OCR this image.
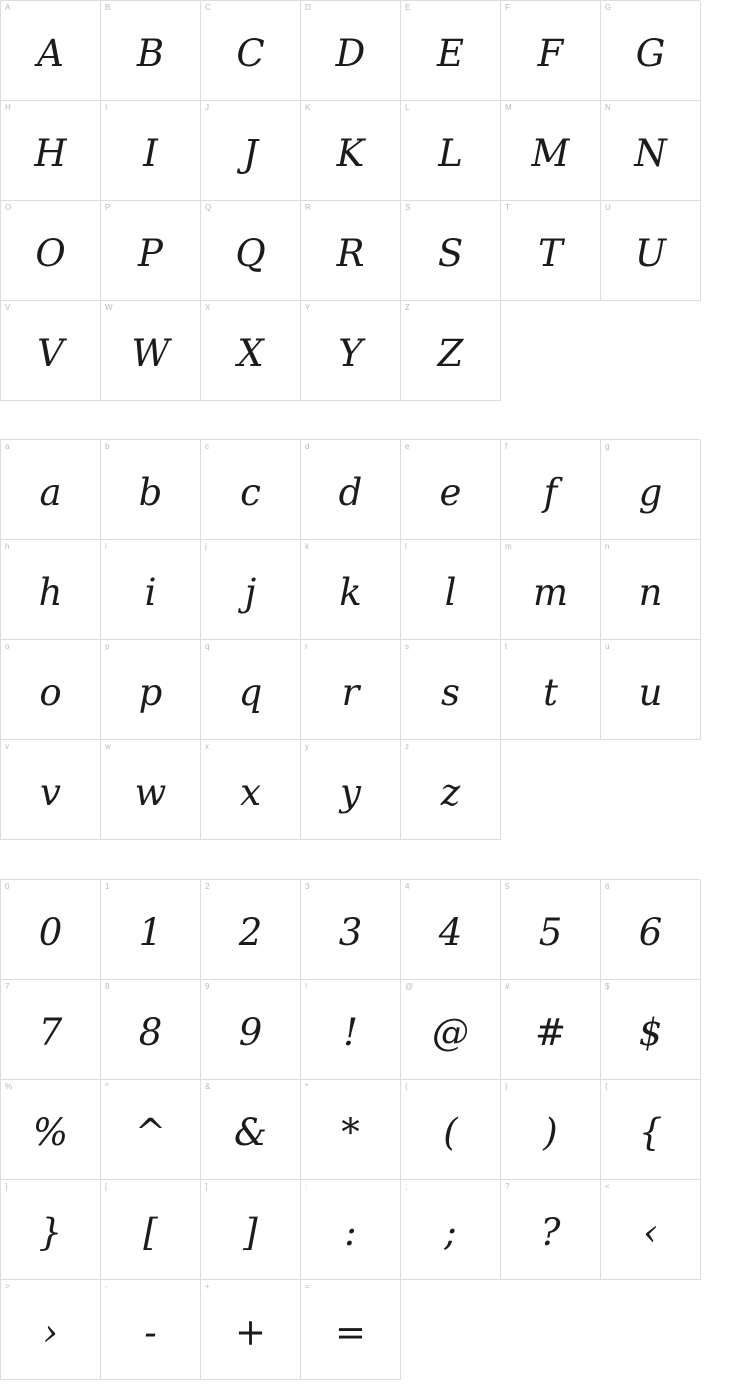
A
A
B
B
C
C
D
D
E
E
F
F
G
G
H
H
I
I
J
J
K
K
L
L
M
M
N
N
O
O
P
P
Q
Q
R
R
S
S
T
T
U
U
V
V
W
W
X
X
Y
Y
Z
Z
a
a
b
b
c
c
d
d
e
e
f
f
g
g
h
h
i
i
j
j
k
k
l
l
m
m
n
n
o
o
p
p
q
q
r
r
s
s
t
t
u
u
v
v
w
w
x
x
y
y
z
z
0
0
1
1
2
2
3
3
4
4
5
5
6
6
7
7
8
8
9
9
!
!
@
@
#
#
$
$
%
%
^
^
&
&
*
*
(
(
)
)
{
{
}
}
[
[
]
]
:
:
;
;
?
?
<
‹
>
›
-
-
+
+
=
=
